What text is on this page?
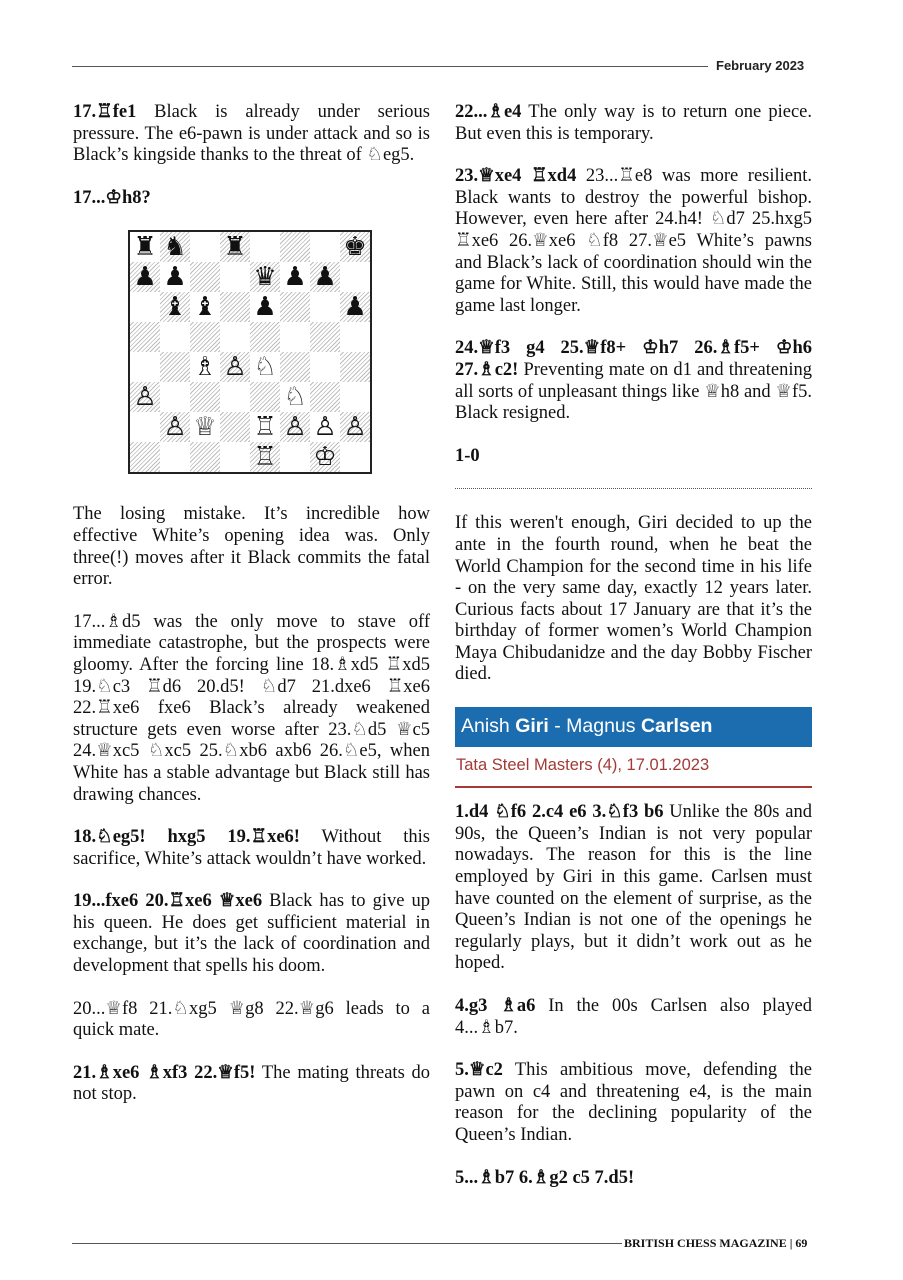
February 2023

17.♖fe1 Black is already under serious pressure. The e6-pawn is under attack and so is Black’s kingside thanks to the threat of ♘eg5.

17...♔h8?

♜ ♞ ♜	♚
♟ ♟	♛ ♟ ♟
♝ ♝ ♟	♟
♗ ♙ ♘
♙	♘
♙ ♕ ♖ ♙ ♙ ♙
♖ ♔

The losing mistake. It’s incredible how effective White’s opening idea was. Only three(!) moves after it Black commits the fatal error.

17...♗d5 was the only move to stave off immediate catastrophe, but the prospects were gloomy. After the forcing line 18.♗xd5 ♖xd5 19.♘c3 ♖d6 20.d5! ♘d7 21.dxe6 ♖xe6 22.♖xe6 fxe6 Black’s already weakened structure gets even worse after 23.♘d5 ♕c5 24.♕xc5 ♘xc5 25.♘xb6 axb6 26.♘e5, when White has a stable advantage but Black still has drawing chances.

18.♘eg5! hxg5 19.♖xe6! Without this sacrifice, White’s attack wouldn’t have worked.

19...fxe6 20.♖xe6 ♕xe6 Black has to give up his queen. He does get sufficient material in exchange, but it’s the lack of coordination and development that spells his doom.

20...♕f8 21.♘xg5 ♕g8 22.♕g6 leads to a quick mate.

21.♗xe6 ♗xf3 22.♕f5! The mating threats do not stop.

22...♗e4 The only way is to return one piece. But even this is temporary.

23.♕xe4 ♖xd4 23...♖e8 was more resilient. Black wants to destroy the powerful bishop. However, even here after 24.h4! ♘d7 25.hxg5 ♖xe6 26.♕xe6 ♘f8 27.♕e5 White’s pawns and Black’s lack of coordination should win the game for White. Still, this would have made the game last longer.

24.♕f3 g4 25.♕f8+ ♔h7 26.♗f5+ ♔h6 27.♗c2! Preventing mate on d1 and threatening all sorts of unpleasant things like ♕h8 and ♕f5. Black resigned.

1-0

If this weren't enough, Giri decided to up the ante in the fourth round, when he beat the World Champion for the second time in his life - on the very same day, exactly 12 years later. Curious facts about 17 January are that it’s the birthday of former women’s World Champion Maya Chibudanidze and the day Bobby Fischer died.

Anish Giri - Magnus Carlsen
Tata Steel Masters (4), 17.01.2023

1.d4 ♘f6 2.c4 e6 3.♘f3 b6 Unlike the 80s and 90s, the Queen’s Indian is not very popular nowadays. The reason for this is the line employed by Giri in this game. Carlsen must have counted on the element of surprise, as the Queen’s Indian is not one of the openings he regularly plays, but it didn’t work out as he hoped.

4.g3 ♗a6 In the 00s Carlsen also played 4...♗b7.

5.♕c2 This ambitious move, defending the pawn on c4 and threatening e4, is the main reason for the declining popularity of the Queen’s Indian.

5...♗b7 6.♗g2 c5 7.d5!

BRITISH CHESS MAGAZINE | 69
